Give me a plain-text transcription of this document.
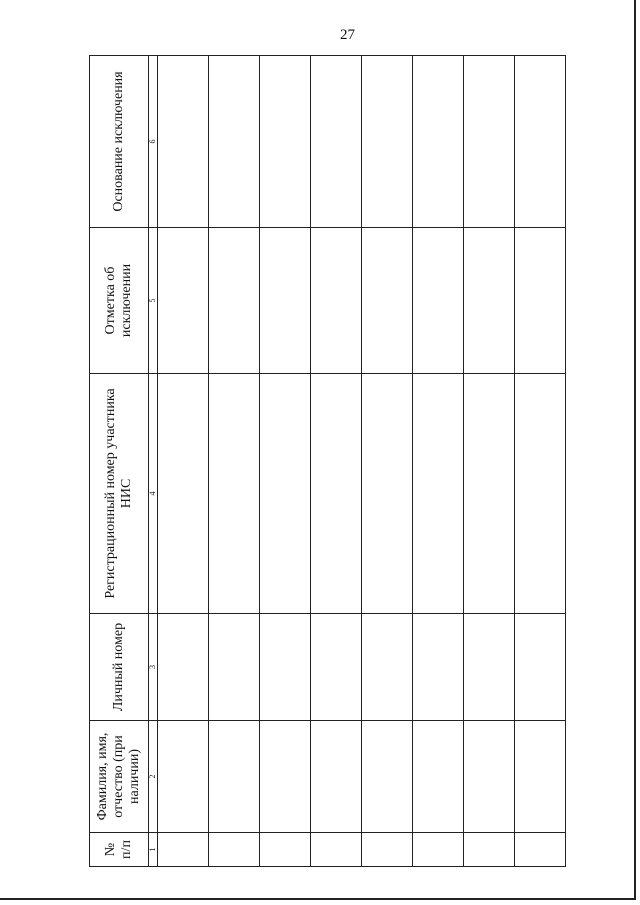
27
№ п/п	Фамилия, имя, отчество (при наличии)	Личный номер	Регистрационный номер участника НИС	Отметка об исключении	Основание исключения
1	2	3	4	5	6
